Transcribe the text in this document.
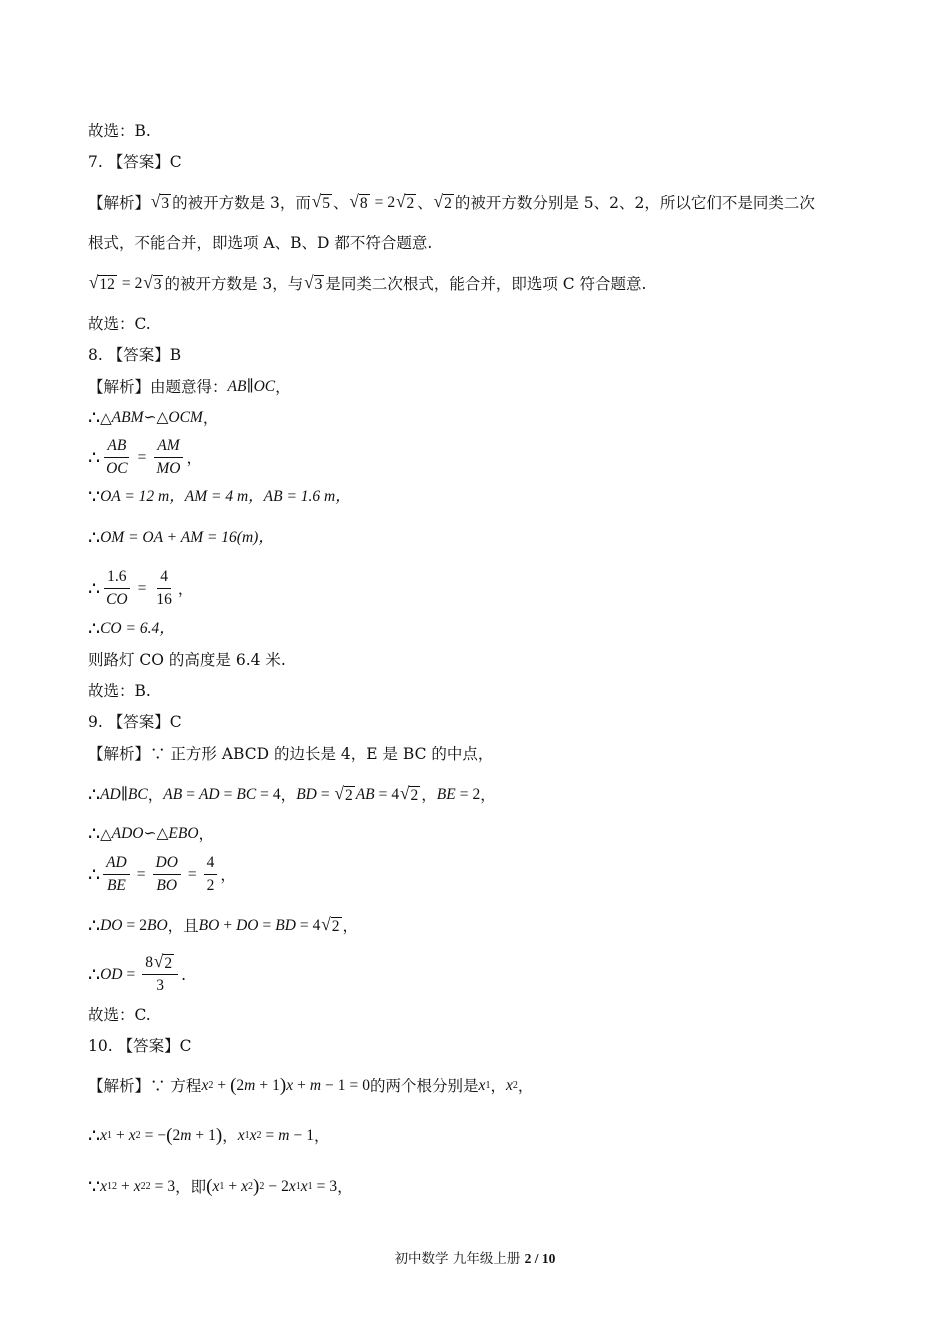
故选：B.
7. 【答案】C
【解析】 √ 3 的被开方数是 3，而 √ 5 、 √ 8 = 2 √ 2 、 √ 2 的被开方数分别是 5、2、2，所以它们不是同类二次
根式，不能合并，即选项 A、B、D 都不符合题意.
√ 12 = 2 √ 3 的被开方数是 3，与 √ 3 是同类二次根式，能合并，即选项 C 符合题意.
故选：C.
8. 【答案】B
【解析】由题意得： AB∥OC ，
∴ △ ABM∽△OCM ，
∴ $\frac{AB}{OC} = \frac{AM}{MO}$ ，
∵ OA = 12 m，AM = 4 m，AB = 1.6 m，
∴ OM = OA + AM = 16(m)，
∴ $\frac{1.6}{CO} = \frac{4}{16}$ ，
∴ CO = 6.4，
则路灯 CO 的高度是 6.4 米.
故选：B.
9. 【答案】C
【解析】∵ 正方形 ABCD 的边长是 4，E 是 BC 的中点，
∴ AD∥BC ， AB = AD = BC = 4 ， BD = √ 2 AB = 4 √ 2 ， BE = 2 ，
∴ △ ADO∽△EBO ，
∴ $\frac{AD}{BE} = \frac{DO}{BO} = \frac{4}{2}$ ，
∴ DO = 2 BO ，且 BO + DO = BD = 4 √ 2 ，
∴ OD = $\frac{8 √ 2}{3}$ .
故选：C.
10. 【答案】C
【解析】∵ 方程 x 2 + ( 2 m + 1 ) x + m − 1 = 0 的两个根分别是 x 1 ， x 2 ，
∴ x 1 + x 2 = − ( 2 m + 1 ) ， x 1 x 2 = m − 1 ，
∵ x 1 2 + x 2 2 = 3 ，即 ( x 1 + x 2 ) 2 − 2 x 1 x 1 = 3 ，
初中数学 九年级上册 2 / 10
